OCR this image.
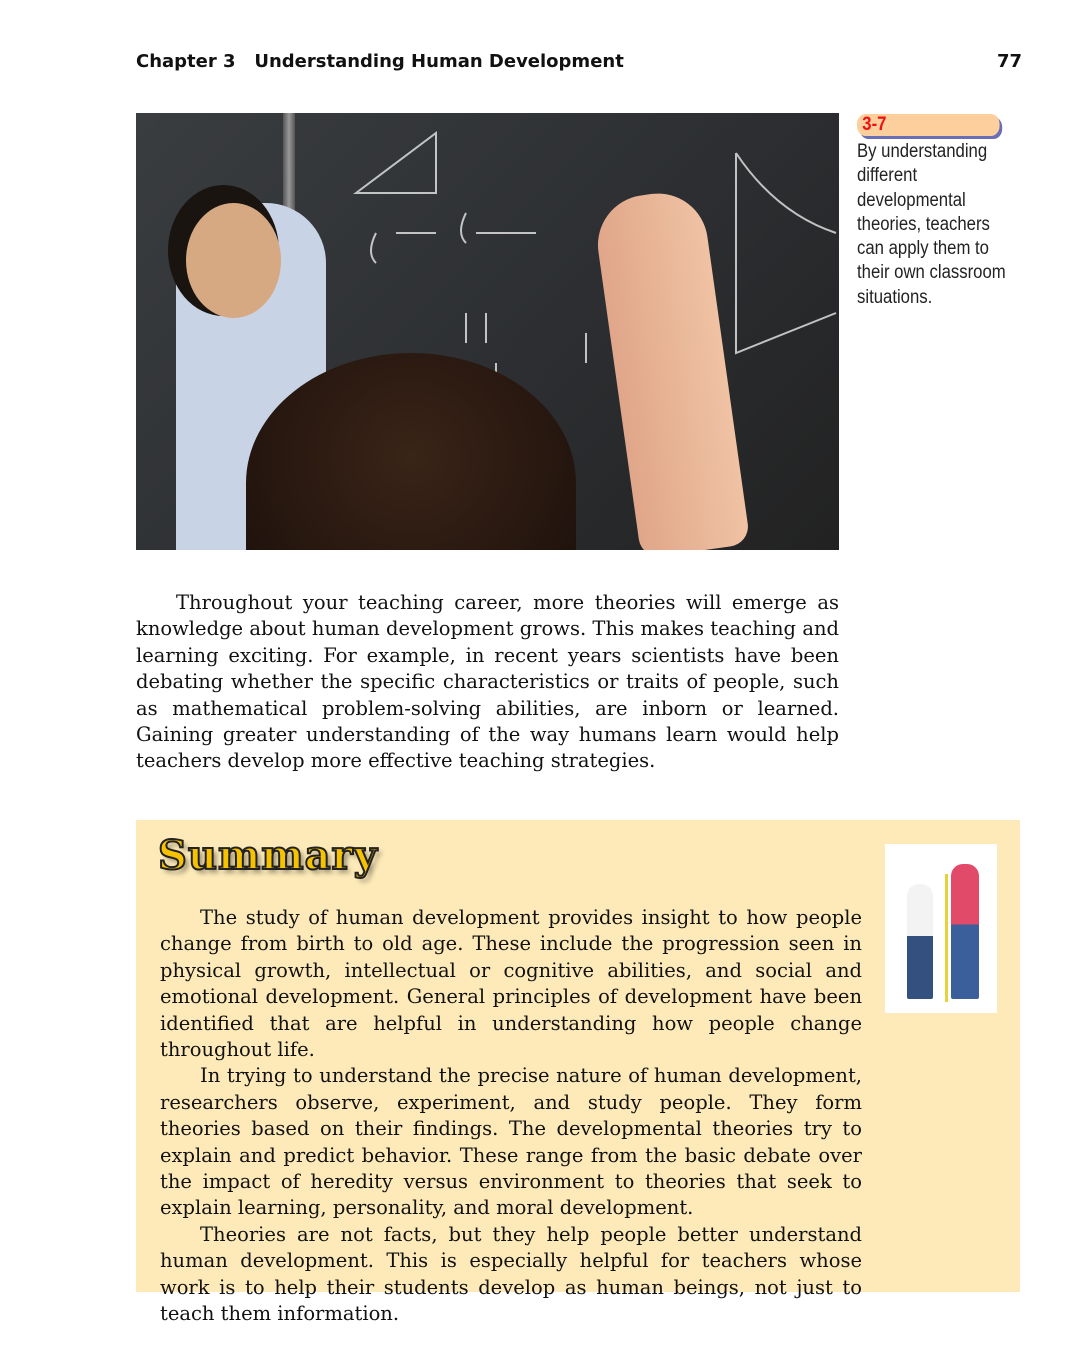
Chapter 3 Understanding Human Development	77
3-7
By understanding different developmental theories, teachers can apply them to their own classroom situations.

Throughout your teaching career, more theories will emerge as knowledge about human development grows. This makes teaching and learning exciting. For example, in recent years scientists have been debating whether the specific characteristics or traits of people, such as mathematical problem-solving abilities, are inborn or learned. Gaining greater understanding of the way humans learn would help teachers develop more effective teaching strategies.

Summary

The study of human development provides insight to how people change from birth to old age. These include the progression seen in physical growth, intellectual or cognitive abilities, and social and emotional development. General principles of development have been identified that are helpful in understanding how people change throughout life.

In trying to understand the precise nature of human development, researchers observe, experiment, and study people. They form theories based on their findings. The developmental theories try to explain and predict behavior. These range from the basic debate over the impact of heredity versus environment to theories that seek to explain learning, personality, and moral development.

Theories are not facts, but they help people better understand human development. This is especially helpful for teachers whose work is to help their students develop as human beings, not just to teach them information.
